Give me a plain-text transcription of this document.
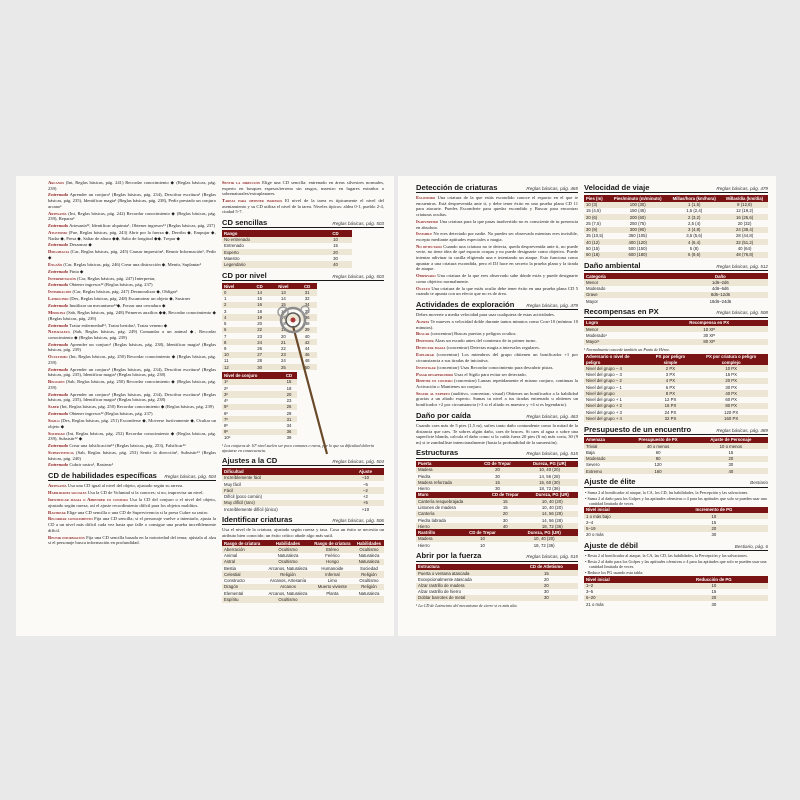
Arcanos (Int, Reglas básicas, pág. 241) Recordar conocimiento ◆ (Reglas básicas, pág. 239)

Entrenado Aprender un conjuro¹ (Reglas básicas, pág. 234), Descifrar escritura¹ (Reglas básicas, pág. 235), Identificar magia¹ (Reglas básicas, pág. 238), Pedir prestado un conjuro arcano¹

Artesanía (Int, Reglas básicas, pág. 242) Recordar conocimiento ◆ (Reglas básicas, pág. 239), Reparar¹

Entrenado Artesanía¹², Identificar alquimia¹, Obtener ingresos¹² (Reglas básicas, pág. 237)

Atletismo (Fue, Reglas básicas, pág. 243) Abrir por la fuerza ◆, Derribo ◆, Empujar ◆, Nadar ◆, Presa ◆, Saltar de altura ◆◆, Salto de longitud ◆◆, Trepar ◆

Entrenado Desarmar ◆

Diplomacia (Car, Reglas básicas, pág. 245) Causar impresión¹, Reunir Información¹, Pedir ◆

Engaño (Car, Reglas básicas, pág. 246) Crear una distracción ◆, Mentir, Suplantar¹

Entrenado Finta ◆

Interpretación (Car, Reglas básicas, pág. 247) Interpretar,

Entrenado Obtener ingresos¹² (Reglas básicas, pág. 237)

Intimidación (Car, Reglas básicas, pág. 247) Desmoralizar ◆, Obligar¹

Latrocinio (Des, Reglas básicas, pág. 248) Escamotear un objeto ◆, Sustraer

Entrenado Inutilizar un mecanismo¹²◆, Forzar una cerradura ◆

Medicina (Sab, Reglas básicas, pág. 248) Primeros auxilios ◆◆, Recordar conocimiento ◆ (Reglas básicas, pág. 239)

Entrenado Tratar enfermedad¹², Tratar heridas¹, Tratar veneno ◆

Naturaleza (Sab, Reglas básicas, pág. 249) Comandar a un animal ◆, Recordar conocimiento ◆ (Reglas básicas, pág. 239)

Entrenado Aprender un conjuro¹ (Reglas básicas, pág. 238), Identificar magia¹ (Reglas básicas, pág. 239)

Ocultismo (Int, Reglas básicas, pág. 250) Recordar conocimiento ◆ (Reglas básicas, pág. 239)

Entrenado Aprender un conjuro¹ (Reglas básicas, pág. 234), Descifrar escritura¹ (Reglas básicas, pág. 235), Identificar magia¹ (Reglas básicas, pág. 238)

Religión (Sab, Reglas básicas, pág. 250) Recordar conocimiento ◆ (Reglas básicas, pág. 239)

Entrenado Aprender un conjuro¹ (Reglas básicas, pág. 234), Descifrar escritura¹ (Reglas básicas, pág. 235), Identificar magia¹ (Reglas básicas, pág. 238)

Saber (Int, Reglas básicas, pág. 250) Recordar conocimiento ◆ (Reglas básicas, pág. 239)

Entrenado Obtener ingresos¹² (Reglas básicas, pág. 237)

Sigilo (Des, Reglas básicas, pág. 251) Esconderse ◆, Moverse furtivamente ◆, Ocultar un objeto ◆

Sociedad (Int, Reglas básicas, pág. 252) Recordar conocimiento ◆ (Reglas básicas, pág. 239), Subsistir¹² ◆

Entrenado Crear una falsificación¹² (Reglas básicas, pág. 253), Falsificar¹²

Supervivencia (Sab, Reglas básicas, pág. 253) Sentir la dirección¹, Subsistir¹² (Reglas básicas, pág. 240)

Entrenado Cubrir rastro¹, Rastrear¹

CD de habilidades específicas Reglas básicas, pág. 504

Artesanía Usa una CD igual al nivel del objeto, ajustado según su rareza.

Habilidades sociales Usa la CD de Voluntad si la conoces; si no, improvisa un nivel.

Identificar magia o Aprender un conjuro Usa la CD del conjuro o el nivel del objeto, ajustado según rareza, así el ajuste recordimiento difícil para los objetos malditos.

Rastrear Elige una CD sencilla o una CD de Supervivencia si la presa Cubre su rastro.

Recordar conocimiento Fija una CD sencilla; si el personaje vuelve a intentarlo, ajusta la CD a un nivel más difícil cada vez hasta que falle o consigue una prueba increíblemente difícil.

Reunir información Fija una CD sencilla basada en la notoriedad del tema; ajústala al alza si el personaje busca información en profundidad.

Sentir la dirección Elige una CD sencilla: entrenado en áreas silvestres normales, experto en bosques espesos/terreno sin rasgos, maestro en lugares extraños o sobrenaturales/extraplanares.

Tareas para obtener ingresos El nivel de la tarea es típicamente el nivel del asentamiento y su CD utiliza el nivel de la tarea. Niveles típicos: aldea 0-1, pueblo 2-4, ciudad 5-7.

CD sencillas	Reglas básicas, pág. 503
Rango	CD
No entrenado	10
Entrenado	15
Experto	20
Maestro	30
Legendario	40
CD por nivel	Reglas básicas, pág. 503
Nivel	CD	Nivel	CD
0	14	13	31
1	15	14	32
2	16	15	34
3	18	16	35
4	19	17	36
5	20	18	38
6	22	19	39
7	23	20	40
8	24	21	42
9	26	22	44
10	27	23	46
11	28	24	48
12	30	25	50
Nivel de conjuro	CD
1º	15
2º	18
3º	20
4º	23
5º	26
6º	28
7º	31
8º	34
9º	36
10º	39
¹ Los conjuros de 10º nivel suelen ser poco comunes o raros, por lo que su dificultad debería ajustarse en consecuencia.
Ajustes a la CD	Reglas básicas, pág. 504
Dificultad	Ajuste
Increíblemente fácil	–10
Muy fácil	–5
Fácil	–2
Difícil (poco común)	+2
Muy difícil (raro)	+5
Increíblemente difícil (único)	+10
Identificar criaturas	Reglas básicas, pág. 506

Usa el nivel de la criatura, ajustado según rareza y tasa. Cosa un éxito se necesita un atributo bien conocido; un éxito crítico añade algo más sutil.

Rasgo de criatura	Habilidades	Rasgo de criatura	Habilidades
Aberración	Ocultismo	Etéreo	Ocultismo
Animal	Naturaleza	Feérico	Naturaleza
Astral	Ocultismo	Hongo	Naturaleza
Bestia	Arcanos, Naturaleza	Humanoide	Sociedad
Celestial	Religión	Infernal	Religión
Constructo	Arcanos, Artesanía	Limo	Ocultismo
Dragón	Arcanos	Muerto viviente	Religión
Elemental	Arcanos, Naturaleza	Planta	Naturaleza
Espíritu	Ocultismo		
Detección de criaturas	Reglas básicas, pág. 465

Escondido Una criatura de la que estás escondido conoce el espacio en el que te encuentras. Está desprevenida ante ti, y debe tener éxito en una prueba plana CD 11 para atacarte. Puedes Esconderte para quedar escondido y Buscar para encontrar criaturas ocultas.

Inadvertido Una criatura para la que pasas inadvertido no es consciente de tu presencia en absoluto.

Invisible No eres detectado por nadie. No puedes ser observado mientras eres invisible, excepto mediante aptitudes especiales o magia.

No detectado Cuando una criatura no te detecta, queda desprevenida ante ti, no puede verte, no tiene idea de qué espacio ocupas y no puede designarte como objetivo. Puede intentar adivinar tu casilla eligiendo una e intentando un ataque. Esto funciona como apuntar a una criatura escondida, pero el DJ hace en secreto la prueba plana y la tirada de ataque.

Observado Una criatura de la que eres observado sabe dónde estás y puede designarte como objetivo normalmente.

Oculto Una criatura de la que estás oculto debe tener éxito en una prueba plana CD 5 cuando te apunta con un efecto que no es de área.

Actividades de exploración	Reglas básicas, pág. 479

Debes moverte a media velocidad para usar cualquiera de estas actividades.

Alerta Te mueves a velocidad doble durante tantos minutos como Con×10 (mínimo 10 minutos).

Buscar (concentrar) Buscas puertas y peligros ocultos.

Defender Alzas un escudo antes del comienzo de tu primer turno.

Detectar magia (concentrar) Detectas magia a intervalos regulares.

Explorar (concentrar) Los miembros del grupo obtienen un bonificador +1 por circunstancia a sus tiradas de iniciativa.

Investigar (concentrar) Usas Recordar conocimiento para descubrir pistas.

Pasar desapercibido Usas el Sigilo para evitar ser detectado.

Repetir un conjuro (concentrar) Lanzas repetidamente el mismo conjuro, continuas la Activación o Mantienes un conjuro.

Seguir al experto (auditivo, concentrar, visual) Obtienes un bonificador a la habilidad gracias a un aliado experto. Sumas tu nivel a tus tiradas entrenado u obtienes un bonificador +2 por circunstancia (+3 si el aliado es maestro y +4 si es legendario).

Daño por caída	Reglas básicas, pág. 463

Cuando caes más de 5 pies (1,5 m), sufres tanto daño contundente como la mitad de la distancia que caes. Te sobres algún daño, caes de bruces. Si caes al agua o sobre una superficie blanda, calcula el daño como si la caída fuera 20 pies (6 m) más corta, 30 (9 m) si te zambulliste intencionalmente (hasta la profundidad de la sumersión).

Estructuras	Reglas básicas, pág. 515
Puerta	CD de Trepar	Dureza, PG (UR)
Madera	20	10, 40 (20)
Piedra	30	14, 56 (28)
Madera reforzada	15	15, 60 (30)
Hierro	30	18, 72 (36)
Muro	CD de Trepar	Dureza, PG (UR)
Cantería resquebrajada	15	10, 40 (20)
Listones de madera	15	10, 40 (20)
Cantería	20	14, 56 (28)
Piedra labrada	30	14, 56 (28)
Hierro	40	18, 72 (36)
Rastrillo	CD de Trepar	Dureza, PG (UR)
Madera	10	10, 40 (20)
Hierro	10	18, 72 (36)
Abrir por la fuerza	Reglas básicas, pág. 515
Estructura	CD de Atletismo
Puerta o ventana atascada	15
Excepcionalmente atascada	20
Alzar rastrillo de madera	20
Alzar rastrillo de hierro	30
Doblar barrotes de metal	30
¹ La CD de Latrocinio del mecanismo de cierre si es más alta.
Velocidad de viaje	Reglas básicas, pág. 479
Pies (m)	Pies/minuto (m/minuto)	Millas/hora (km/hora)	Millas/día (km/día)
10 (3)	100 (30)	1 (1,5)	8 (12,8)
15 (4,5)	150 (45)	1,5 (2,4)	12 (19,2)
20 (6)	200 (60)	2 (3,2)	16 (25,6)
25 (7,5)	250 (75)	2,5 (4)	20 (32)
30 (9)	300 (90)	3 (4,8)	24 (38,4)
35 (10,5)	350 (105)	3,5 (5,6)	28 (44,8)
40 (12)	400 (120)	4 (6,4)	32 (51,2)
50 (15)	500 (150)	5 (8)	40 (64)
60 (18)	600 (180)	6 (9,6)	48 (76,8)
Daño ambiental	Reglas básicas, pág. 512
Categoría	Daño
Menor	1d6–2d6
Moderado	4d6–6d6
Grave	8d6–12d6
Mayor	18d6–24d6
Recompensas en PX	Reglas básicas, pág. 508
Logro	Recompensa en PX
Menor	10 XP
Moderado¹	30 XP
Mayor¹	80 XP
¹ Normalmente concede también un Punto de Héroe.
Adversario o nivel de peligro	PX por peligro simple	PX por criatura o peligro complejo
Nivel del grupo – 4	2 PX	10 PX
Nivel del grupo – 3	3 PX	15 PX
Nivel del grupo – 2	4 PX	20 PX
Nivel del grupo – 1	6 PX	30 PX
Nivel del grupo	8 PX	40 PX
Nivel del grupo + 1	12 PX	60 PX
Nivel del grupo + 2	16 PX	80 PX
Nivel del grupo + 3	24 PX	120 PX
Nivel del grupo + 4	32 PX	160 PX
Presupuesto de un encuentro	Reglas básicas, pág. 489
Amenaza	Presupuesto de PX	Ajuste de Personaje
Trivial	40 o menos	10 o menos
Baja	60	15
Moderado	80	20
Severo	120	30
Extremo	160	40
Ajuste de élite	Bestiario
• Suma 2 al bonificador al ataque, la CA, los CD, las habilidades, la Percepción y las salvaciones.
• Suma 2 al daño para los Golpes y las aptitudes ofensivas o 4 para las aptitudes que solo se pueden usar una cantidad limitada de veces.
Nivel inicial	Incremento de PG
1 o más bajo	10
2–4	15
5–19	20
20 o más	30
Ajuste de débil	Bestiario, pág. 6
• Resta 2 al bonificador al ataque, la CA, las CD, las habilidades, la Percepción y las salvaciones.
• Resta 2 al daño para los Golpes y las aptitudes ofensivas o 4 para las aptitudes que solo se pueden usar una cantidad limitada de veces.
• Reduce los PG usando esta tabla:
Nivel inicial	Reducción de PG
1–2	10
3–5	15
6–20	20
21 o más	30
